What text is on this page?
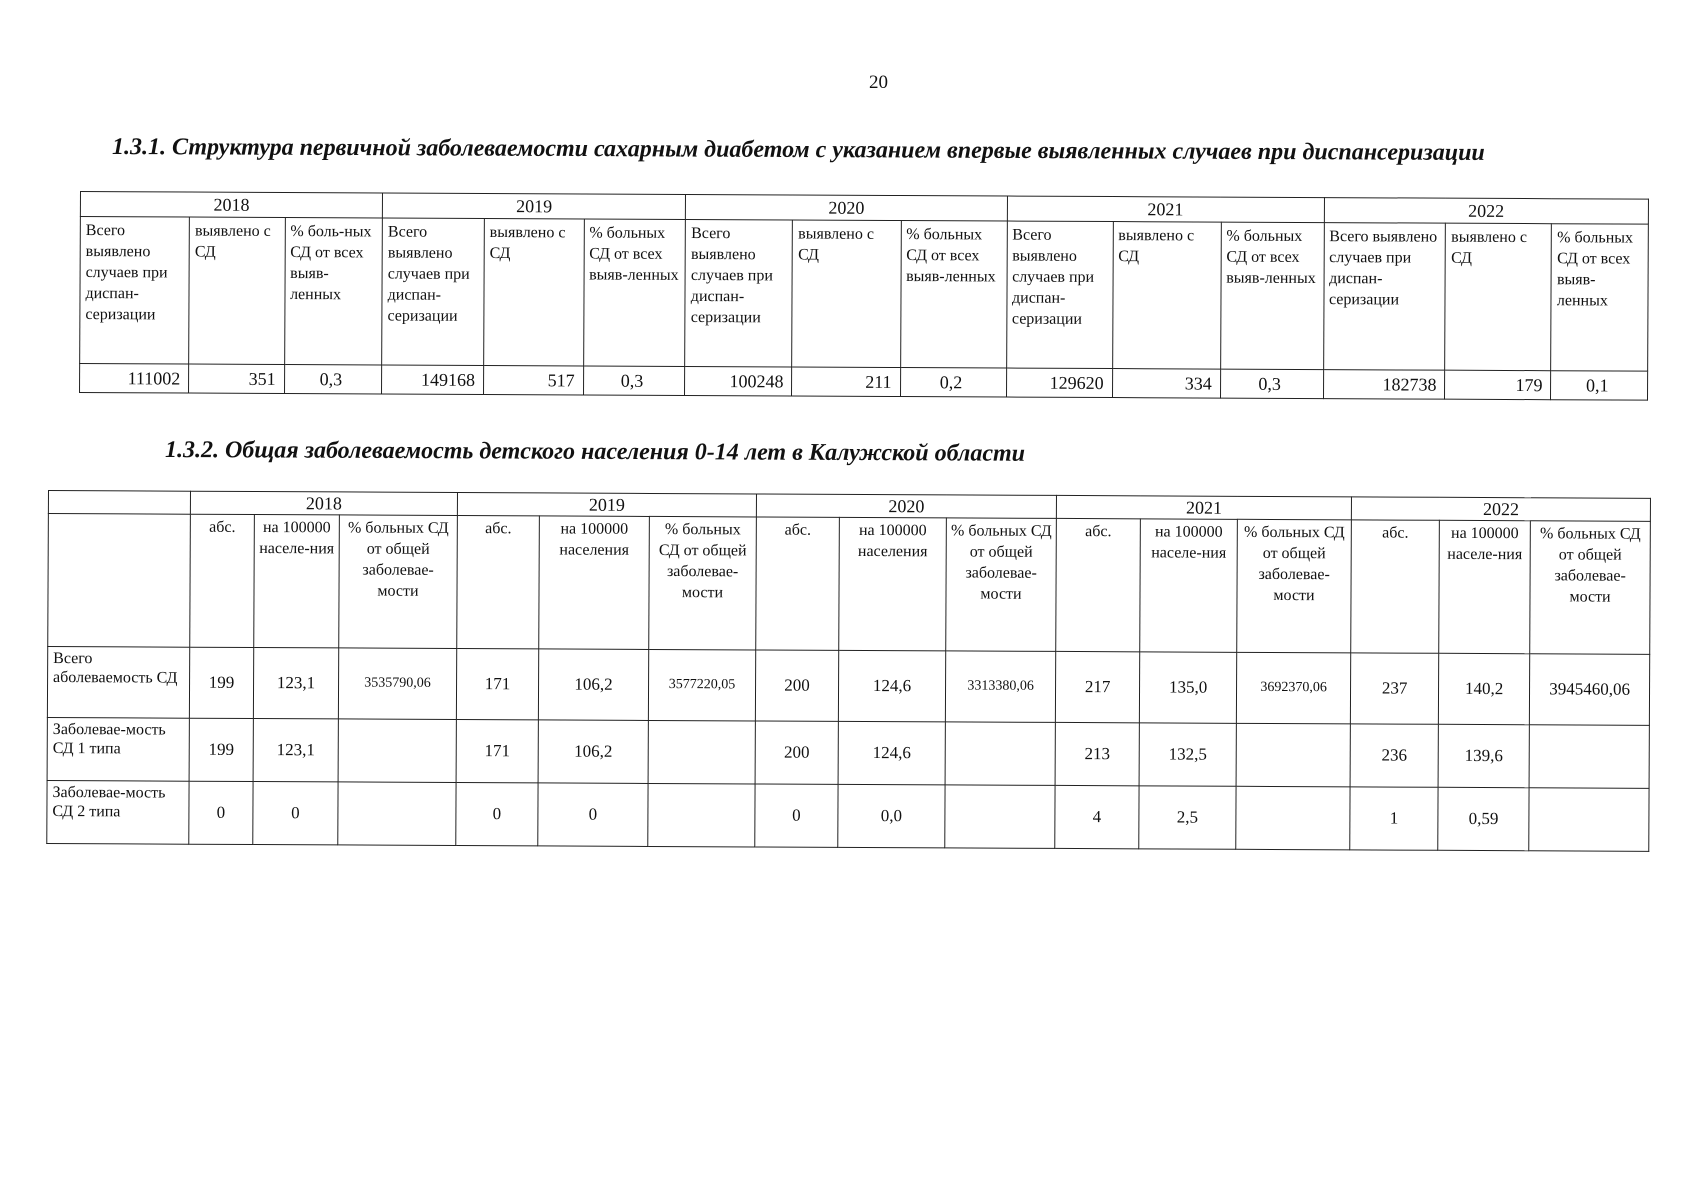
20
1.3.1. Структура первичной заболеваемости сахарным диабетом с указанием впервые выявленных случаев при диспансеризации
2018			2019			2020			2021			2022		
Всего выявлено случаев при диспан-серизации	выявлено с СД	% боль-ных СД от всех выяв-ленных	Всего выявлено случаев при диспан-серизации	выявлено с СД	% больных СД от всех выяв-ленных	Всего выявлено случаев при диспан-серизации	выявлено с СД	% больных СД от всех выяв-ленных	Всего выявлено случаев при диспан-серизации	выявлено с СД	% больных СД от всех выяв-ленных	Всего выявлено случаев при диспан-серизации	выявлено с СД	% больных СД от всех выяв-ленных
111002	351	0,3	149168	517	0,3	100248	211	0,2	129620	334	0,3	182738	179	0,1
1.3.2. Общая заболеваемость детского населения 0-14 лет в Калужской области
	2018			2019			2020			2021			2022		
	абс.	на 100000 населе-ния	% больных СД от общей заболевае-мости	абс.	на 100000 населения	% больных СД от общей заболевае-мости	абс.	на 100000 населения	% больных СД от общей заболевае-мости	абс.	на 100000 населе-ния	% больных СД от общей заболевае-мости	абс.	на 100000 населе-ния	% больных СД от общей заболевае-мости
Всего аболеваемость СД	199	123,1	3535790,06	171	106,2	3577220,05	200	124,6	3313380,06	217	135,0	3692370,06	237	140,2	3945460,06
Заболевае-мость СД 1 типа	199	123,1		171	106,2		200	124,6		213	132,5		236	139,6	
Заболевае-мость СД 2 типа	0	0		0	0		0	0,0		4	2,5		1	0,59	
